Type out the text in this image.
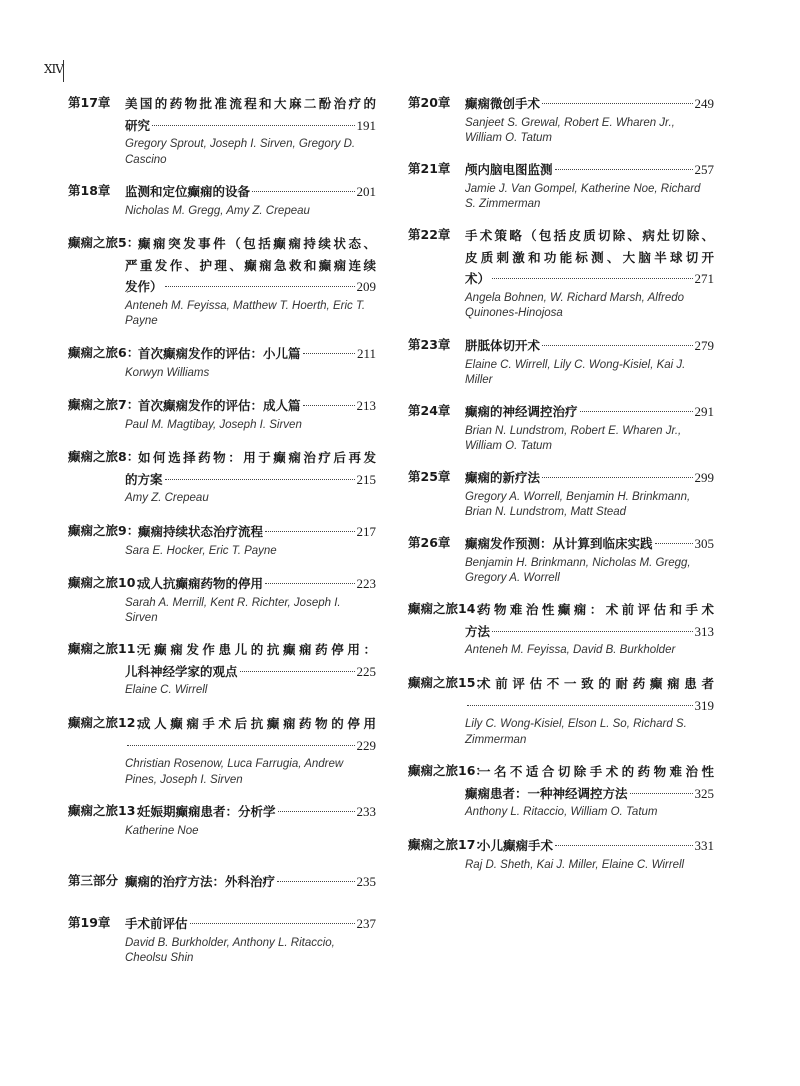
XIV
第17章 美国的药物批准流程和大麻二酚治疗的
研究	191
Gregory Sprout, Joseph I. Sirven, Gregory D. Cascino
第18章 监测和定位癫痫的设备	201
Nicholas M. Gregg, Amy Z. Crepeau
癫痫之旅5：
癫痫突发事件（包括癫痫持续状态、
严重发作、护理、癫痫急救和癫痫连续
发作）	209
Anteneh M. Feyissa, Matthew T. Hoerth, Eric T. Payne
癫痫之旅6：
首次癫痫发作的评估：小儿篇	211
Korwyn Williams
癫痫之旅7：
首次癫痫发作的评估：成人篇	213
Paul M. Magtibay, Joseph I. Sirven
癫痫之旅8：
如何选择药物：用于癫痫治疗后再发
的方案	215
Amy Z. Crepeau
癫痫之旅9：
癫痫持续状态治疗流程	217
Sara E. Hocker, Eric T. Payne
癫痫之旅10：
成人抗癫痫药物的停用	223
Sarah A. Merrill, Kent R. Richter, Joseph I. Sirven
癫痫之旅11：
无癫痫发作患儿的抗癫痫药停用：
儿科神经学家的观点	225
Elaine C. Wirrell
癫痫之旅12：
成人癫痫手术后抗癫痫药物的停用
229
Christian Rosenow, Luca Farrugia, Andrew Pines, Joseph I. Sirven
癫痫之旅13：
妊娠期癫痫患者：分析学	233
Katherine Noe
第三部分 癫痫的治疗方法：外科治疗	235
第19章 手术前评估	237
David B. Burkholder, Anthony L. Ritaccio, Cheolsu Shin
第20章 癫痫微创手术	249
Sanjeet S. Grewal, Robert E. Wharen Jr., William O. Tatum
第21章 颅内脑电图监测	257
Jamie J. Van Gompel, Katherine Noe, Richard S. Zimmerman
第22章 手术策略（包括皮质切除、病灶切除、
皮质刺激和功能标测、大脑半球切开
术）	271
Angela Bohnen, W. Richard Marsh, Alfredo Quinones-Hinojosa
第23章 胼胝体切开术	279
Elaine C. Wirrell, Lily C. Wong-Kisiel, Kai J. Miller
第24章 癫痫的神经调控治疗	291
Brian N. Lundstrom, Robert E. Wharen Jr., William O. Tatum
第25章 癫痫的新疗法	299
Gregory A. Worrell, Benjamin H. Brinkmann, Brian N. Lundstrom, Matt Stead
第26章 癫痫发作预测：从计算到临床实践	305
Benjamin H. Brinkmann, Nicholas M. Gregg, Gregory A. Worrell
癫痫之旅14：
药物难治性癫痫：术前评估和手术
方法	313
Anteneh M. Feyissa, David B. Burkholder
癫痫之旅15：
术前评估不一致的耐药癫痫患者
319
Lily C. Wong-Kisiel, Elson L. So, Richard S. Zimmerman
癫痫之旅16：
一名不适合切除手术的药物难治性
癫痫患者：一种神经调控方法	325
Anthony L. Ritaccio, William O. Tatum
癫痫之旅17：
小儿癫痫手术	331
Raj D. Sheth, Kai J. Miller, Elaine C. Wirrell
